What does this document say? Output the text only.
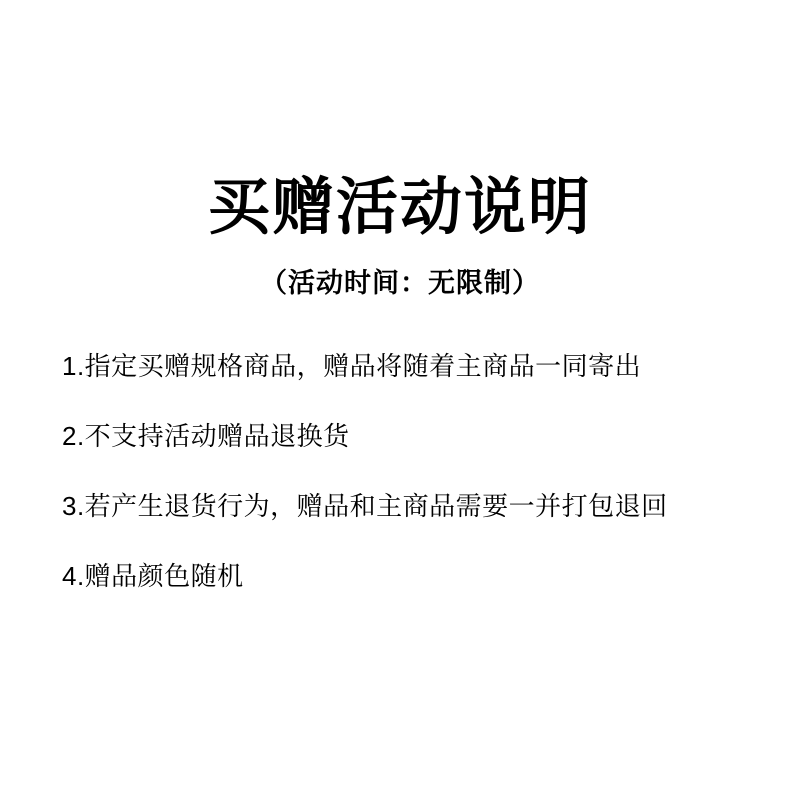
买赠活动说明
（活动时间：无限制）
1.指定买赠规格商品，赠品将随着主商品一同寄出
2.不支持活动赠品退换货
3.若产生退货行为，赠品和主商品需要一并打包退回
4.赠品颜色随机
